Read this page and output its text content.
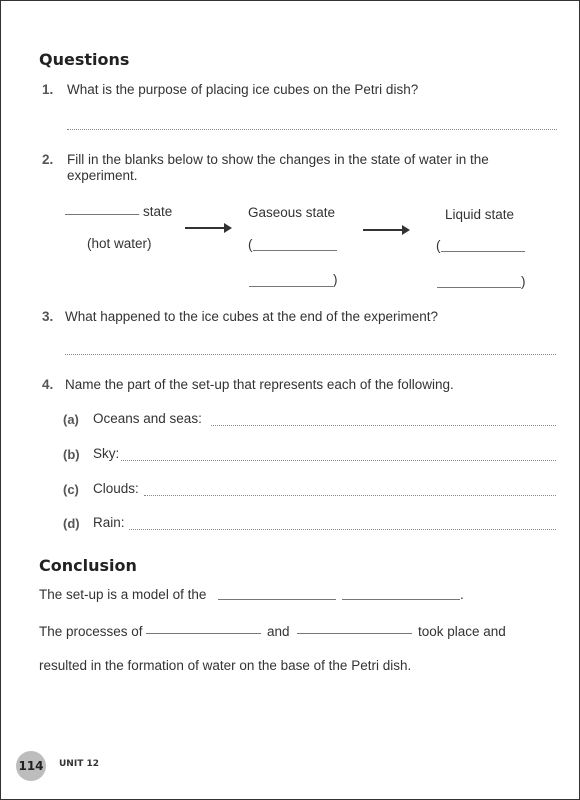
Questions
1. What is the purpose of placing ice cubes on the Petri dish?
2. Fill in the blanks below to show the changes in the state of water in the
experiment.
state
(hot water)
Gaseous state
(
)
Liquid state
(
)
3. What happened to the ice cubes at the end of the experiment?
4. Name the part of the set-up that represents each of the following.
(a) Oceans and seas:
(b) Sky:
(c) Clouds:
(d) Rain:
Conclusion
The set-up is a model of the	.
The processes of	and	took place and
resulted in the formation of water on the base of the Petri dish.
114 UNIT 12
